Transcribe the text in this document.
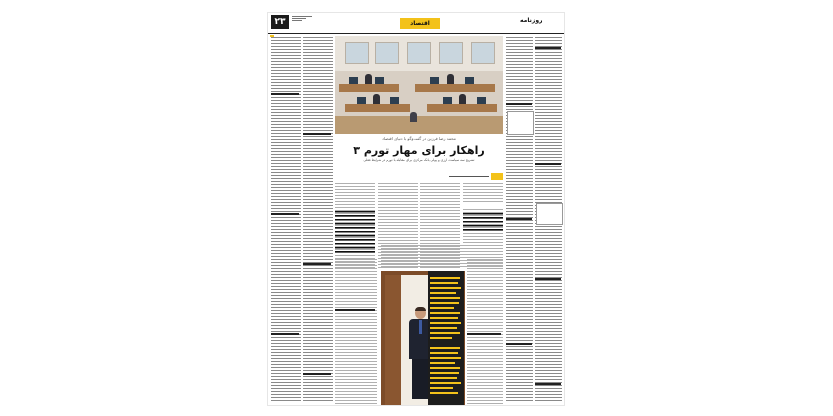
۲۳	اقتصاد	روزنامه
محمد رضا فرزین در گفت‌وگو با دنیای اقتصاد
۳ راهکار برای مهار تورم
تشریح سه سیاست ارزی و پولی بانک مرکزی برای مقابله با تورم در شرایط فعلی
